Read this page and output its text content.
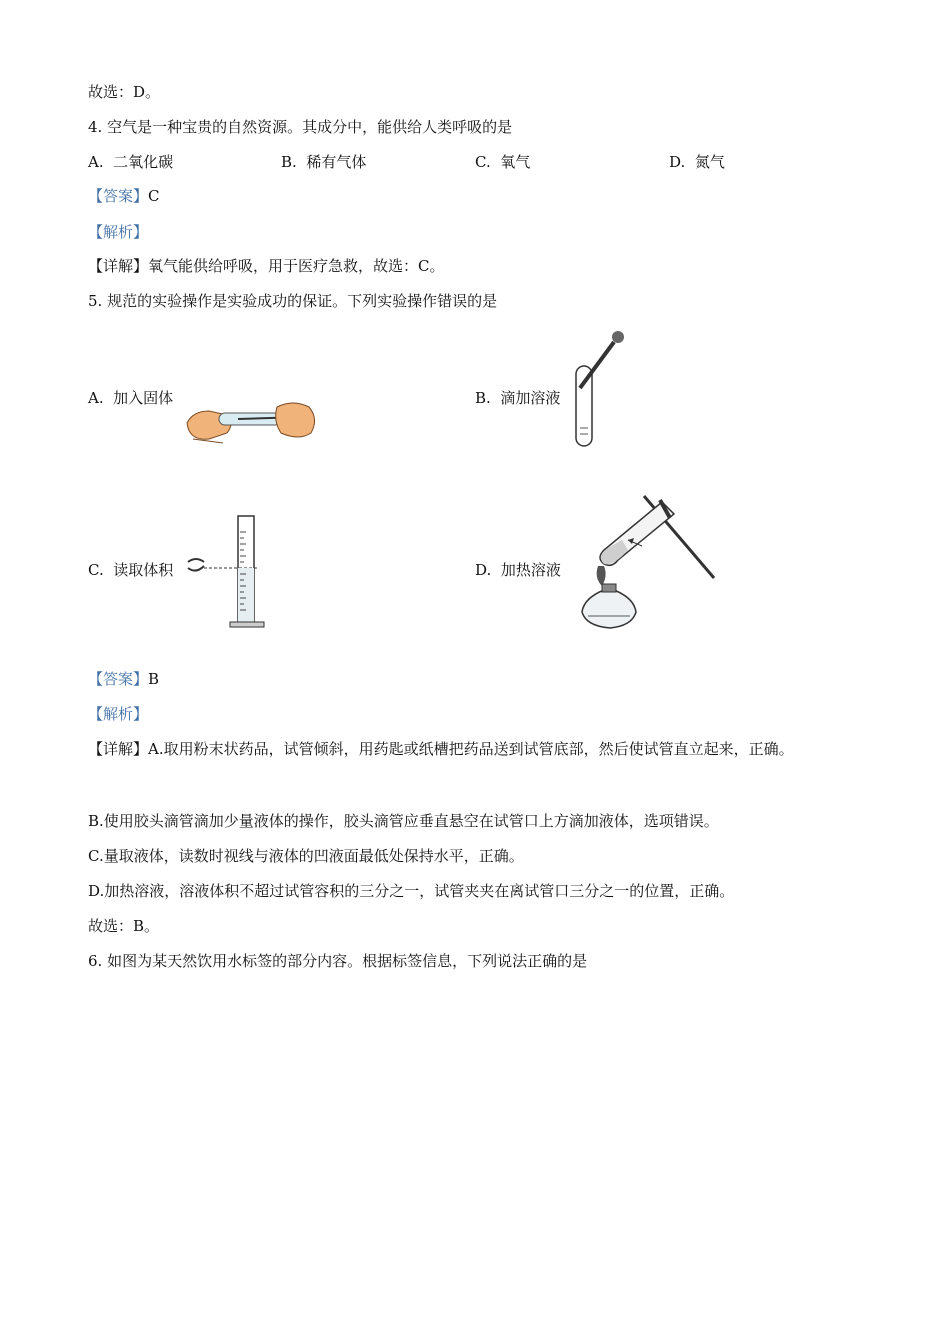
故选：D。
4. 空气是一种宝贵的自然资源。其成分中，能供给人类呼吸的是
A. 二氧化碳	B. 稀有气体	C. 氧气	D. 氮气
【答案】C
【解析】
【详解】氧气能供给呼吸，用于医疗急救，故选：C。
5. 规范的实验操作是实验成功的保证。下列实验操作错误的是
A. 加入固体	B. 滴加溶液
C. 读取体积	D. 加热溶液
【答案】B
【解析】
【详解】A.取用粉末状药品，试管倾斜，用药匙或纸槽把药品送到试管底部，然后使试管直立起来，正确。
B.使用胶头滴管滴加少量液体的操作，胶头滴管应垂直悬空在试管口上方滴加液体，选项错误。
C.量取液体，读数时视线与液体的凹液面最低处保持水平，正确。
D.加热溶液，溶液体积不超过试管容积的三分之一，试管夹夹在离试管口三分之一的位置，正确。
故选：B。
6. 如图为某天然饮用水标签的部分内容。根据标签信息，下列说法正确的是
